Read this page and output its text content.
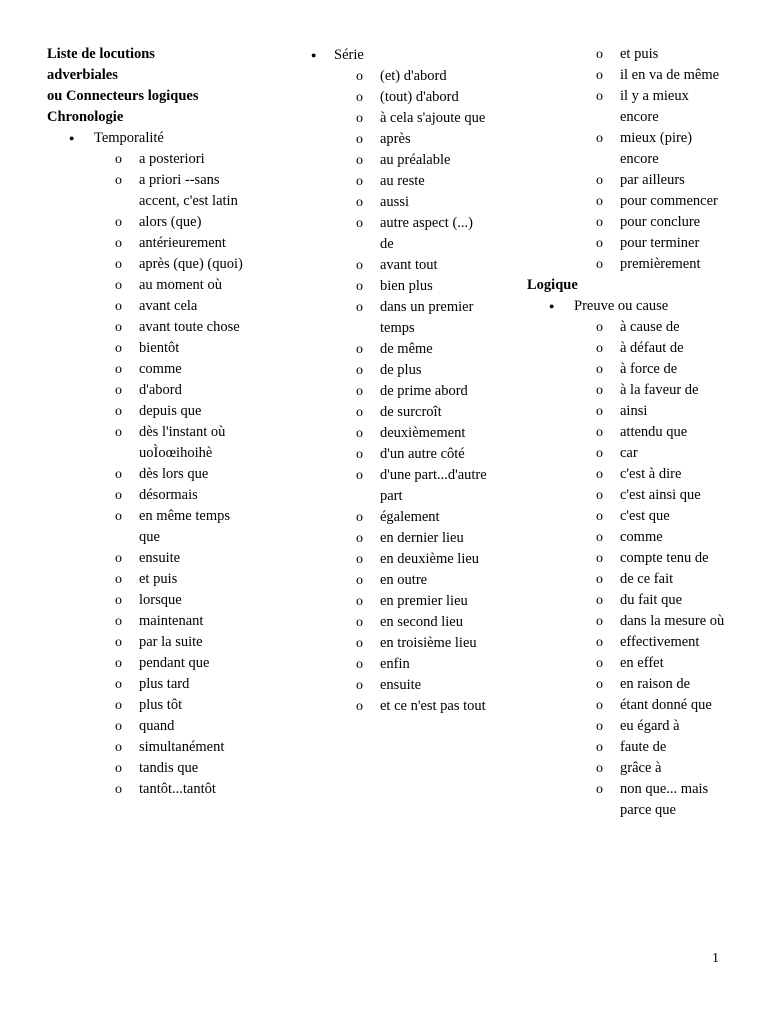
Liste de locutions
adverbiales
ou Connecteurs logiques
Chronologie
● Temporalité
o a posteriori
o a priori --sans accent, c'est latin
o alors (que)
o antérieurement
o après (que) (quoi)
o au moment où
o avant cela
o avant toute chose
o bientôt
o comme
o d'abord
o depuis que
o dès l'instant où uoÌoœihoihè
o dès lors que
o désormais
o en même temps que
o ensuite
o et puis
o lorsque
o maintenant
o par la suite
o pendant que
o plus tard
o plus tôt
o quand
o simultanément
o tandis que
o tantôt...tantôt
● Série
o (et) d'abord
o (tout) d'abord
o à cela s'ajoute que
o après
o au préalable
o au reste
o aussi
o autre aspect (...) de
o avant tout
o bien plus
o dans un premier temps
o de même
o de plus
o de prime abord
o de surcroît
o deuxièmement
o d'un autre côté
o d'une part...d'autre part
o également
o en dernier lieu
o en deuxième lieu
o en outre
o en premier lieu
o en second lieu
o en troisième lieu
o enfin
o ensuite
o et ce n'est pas tout
o et puis
o il en va de même
o il y a mieux encore
o mieux (pire) encore
o par ailleurs
o pour commencer
o pour conclure
o pour terminer
o premièrement
Logique
● Preuve ou cause
o à cause de
o à défaut de
o à force de
o à la faveur de
o ainsi
o attendu que
o car
o c'est à dire
o c'est ainsi que
o c'est que
o comme
o compte tenu de
o de ce fait
o du fait que
o dans la mesure où
o effectivement
o en effet
o en raison de
o étant donné que
o eu égard à
o faute de
o grâce à
o non que... mais parce que
1
